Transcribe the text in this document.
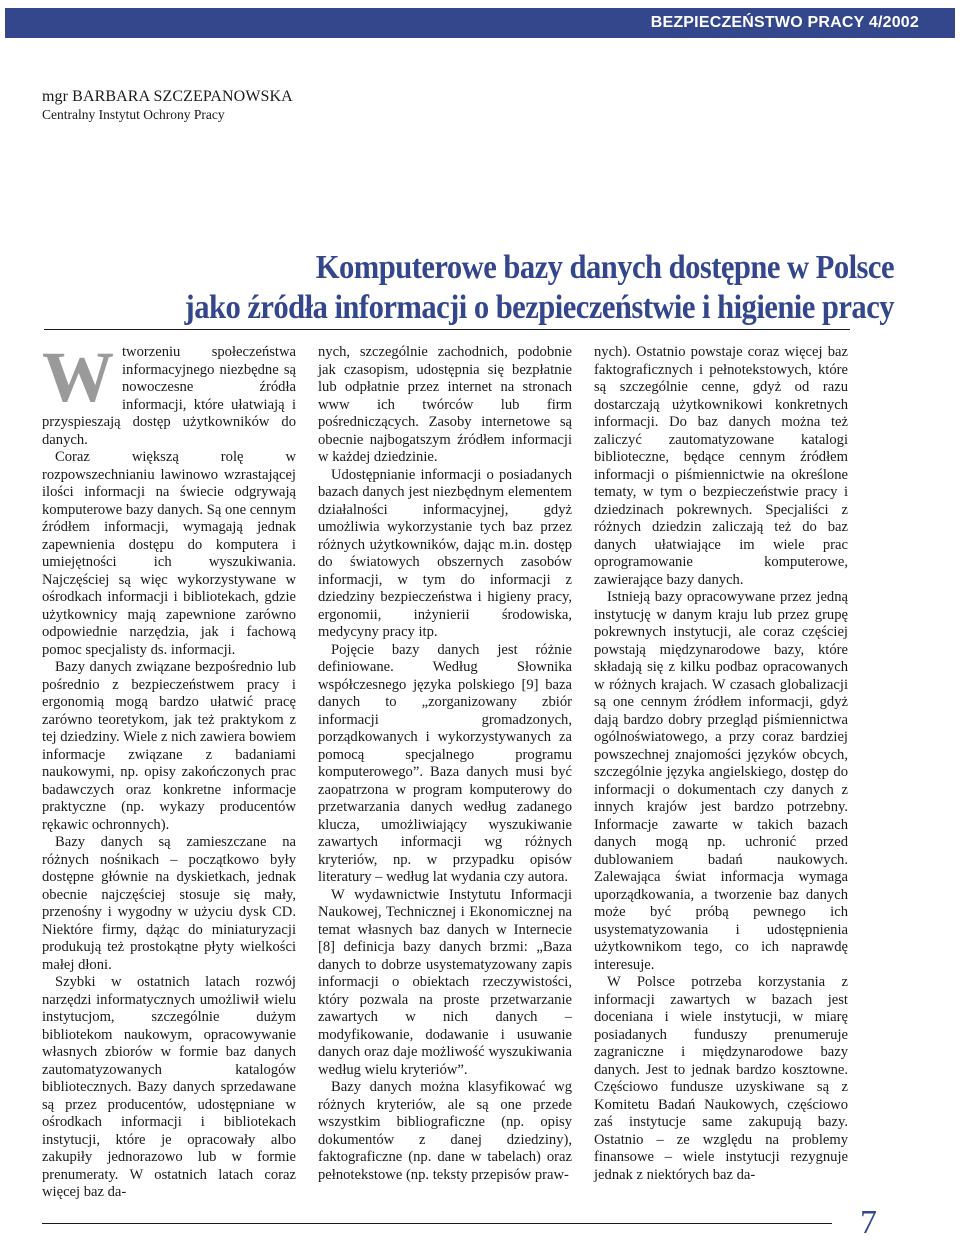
BEZPIECZEŃSTWO PRACY 4/2002
mgr BARBARA SZCZEPANOWSKA
Centralny Instytut Ochrony Pracy
Komputerowe bazy danych dostępne w Polsce
jako źródła informacji o bezpieczeństwie i higienie pracy

Wtworzeniu społeczeństwa informacyjnego niezbędne są nowoczesne źródła informacji, które ułatwiają i przyspieszają dostęp użytkowników do danych.

Coraz większą rolę w rozpowszechnianiu lawinowo wzrastającej ilości informacji na świecie odgrywają komputerowe bazy danych. Są one cennym źródłem informacji, wymagają jednak zapewnienia dostępu do komputera i umiejętności ich wyszukiwania. Najczęściej są więc wykorzystywane w ośrodkach informacji i bibliotekach, gdzie użytkownicy mają zapewnione zarówno odpowiednie narzędzia, jak i fachową pomoc specjalisty ds. informacji.

Bazy danych związane bezpośrednio lub pośrednio z bezpieczeństwem pracy i ergonomią mogą bardzo ułatwić pracę zarówno teoretykom, jak też praktykom z tej dziedziny. Wiele z nich zawiera bowiem informacje związane z badaniami naukowymi, np. opisy zakończonych prac badawczych oraz konkretne informacje praktyczne (np. wykazy producentów rękawic ochronnych).

Bazy danych są zamieszczane na różnych nośnikach – początkowo były dostępne głównie na dyskietkach, jednak obecnie najczęściej stosuje się mały, przenośny i wygodny w użyciu dysk CD. Niektóre firmy, dążąc do miniaturyzacji produkują też prostokątne płyty wielkości małej dłoni.

Szybki w ostatnich latach rozwój narzędzi informatycznych umożliwił wielu instytucjom, szczególnie dużym bibliotekom naukowym, opracowywanie własnych zbiorów w formie baz danych zautomatyzowanych katalogów bibliotecznych. Bazy danych sprzedawane są przez producentów, udostępniane w ośrodkach informacji i bibliotekach instytucji, które je opracowały albo zakupiły jednorazowo lub w formie prenumeraty. W ostatnich latach coraz więcej baz da-

nych, szczególnie zachodnich, podobnie jak czasopism, udostępnia się bezpłatnie lub odpłatnie przez internet na stronach www ich twórców lub firm pośredniczących. Zasoby internetowe są obecnie najbogatszym źródłem informacji w każdej dziedzinie.

Udostępnianie informacji o posiadanych bazach danych jest niezbędnym elementem działalności informacyjnej, gdyż umożliwia wykorzystanie tych baz przez różnych użytkowników, dając m.in. dostęp do światowych obszernych zasobów informacji, w tym do informacji z dziedziny bezpieczeństwa i higieny pracy, ergonomii, inżynierii środowiska, medycyny pracy itp.

Pojęcie bazy danych jest różnie definiowane. Według Słownika współczesnego języka polskiego [9] baza danych to „zorganizowany zbiór informacji gromadzonych, porządkowanych i wykorzystywanych za pomocą specjalnego programu komputerowego”. Baza danych musi być zaopatrzona w program komputerowy do przetwarzania danych według zadanego klucza, umożliwiający wyszukiwanie zawartych informacji wg różnych kryteriów, np. w przypadku opisów literatury – według lat wydania czy autora.

W wydawnictwie Instytutu Informacji Naukowej, Technicznej i Ekonomicznej na temat własnych baz danych w Internecie [8] definicja bazy danych brzmi: „Baza danych to dobrze usystematyzowany zapis informacji o obiektach rzeczywistości, który pozwala na proste przetwarzanie zawartych w nich danych – modyfikowanie, dodawanie i usuwanie danych oraz daje możliwość wyszukiwania według wielu kryteriów”.

Bazy danych można klasyfikować wg różnych kryteriów, ale są one przede wszystkim bibliograficzne (np. opisy dokumentów z danej dziedziny), faktograficzne (np. dane w tabelach) oraz pełnotekstowe (np. teksty przepisów praw-

nych). Ostatnio powstaje coraz więcej baz faktograficznych i pełnotekstowych, które są szczególnie cenne, gdyż od razu dostarczają użytkownikowi konkretnych informacji. Do baz danych można też zaliczyć zautomatyzowane katalogi biblioteczne, będące cennym źródłem informacji o piśmiennictwie na określone tematy, w tym o bezpieczeństwie pracy i dziedzinach pokrewnych. Specjaliści z różnych dziedzin zaliczają też do baz danych ułatwiające im wiele prac oprogramowanie komputerowe, zawierające bazy danych.

Istnieją bazy opracowywane przez jedną instytucję w danym kraju lub przez grupę pokrewnych instytucji, ale coraz częściej powstają międzynarodowe bazy, które składają się z kilku podbaz opracowanych w różnych krajach. W czasach globalizacji są one cennym źródłem informacji, gdyż dają bardzo dobry przegląd piśmiennictwa ogólnoświatowego, a przy coraz bardziej powszechnej znajomości języków obcych, szczególnie języka angielskiego, dostęp do informacji o dokumentach czy danych z innych krajów jest bardzo potrzebny. Informacje zawarte w takich bazach danych mogą np. uchronić przed dublowaniem badań naukowych. Zalewająca świat informacja wymaga uporządkowania, a tworzenie baz danych może być próbą pewnego ich usystematyzowania i udostępnienia użytkownikom tego, co ich naprawdę interesuje.

W Polsce potrzeba korzystania z informacji zawartych w bazach jest doceniana i wiele instytucji, w miarę posiadanych funduszy prenumeruje zagraniczne i międzynarodowe bazy danych. Jest to jednak bardzo kosztowne. Częściowo fundusze uzyskiwane są z Komitetu Badań Naukowych, częściowo zaś instytucje same zakupują bazy. Ostatnio – ze względu na problemy finansowe – wiele instytucji rezygnuje jednak z niektórych baz da-

7
